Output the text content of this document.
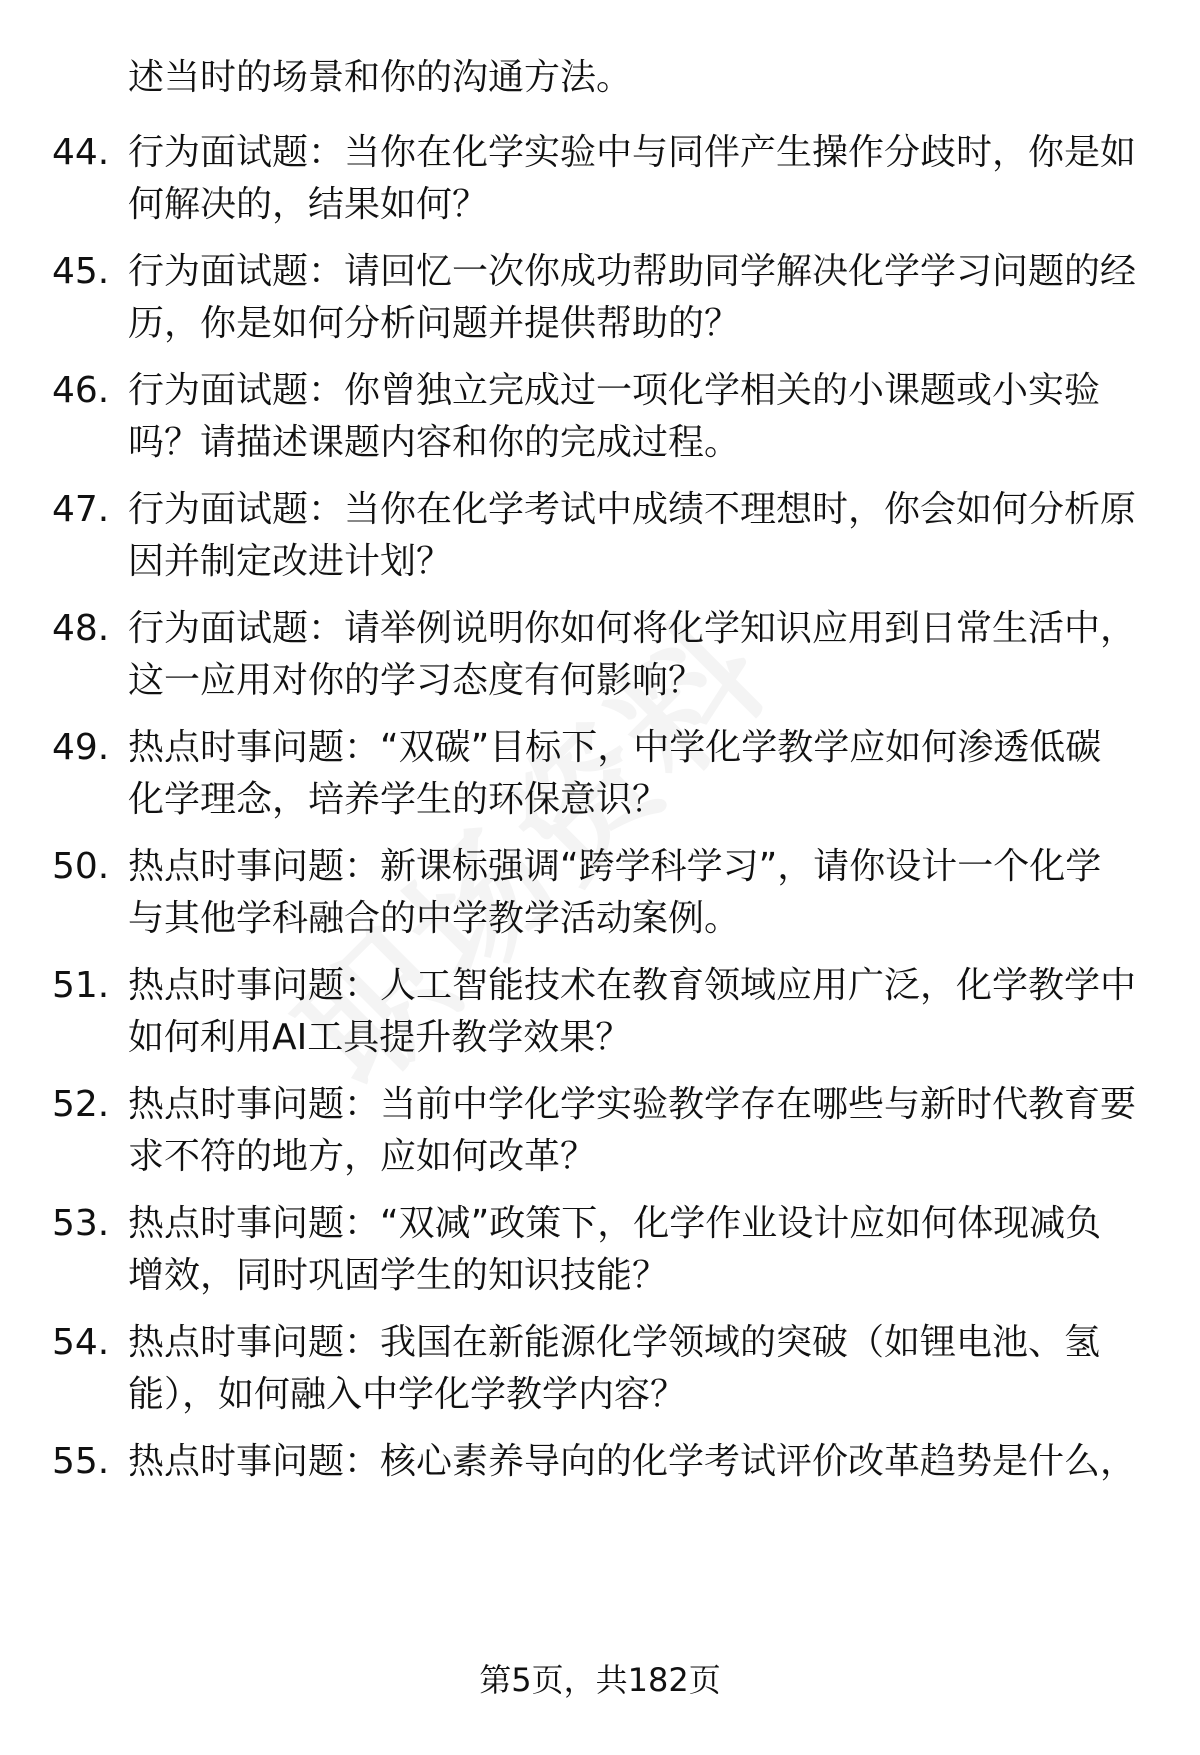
述当时的场景和你的沟通方法。
44. 行为面试题：当你在化学实验中与同伴产生操作分歧时，你是如
何解决的，结果如何？
45. 行为面试题：请回忆一次你成功帮助同学解决化学学习问题的经
历，你是如何分析问题并提供帮助的？
46. 行为面试题：你曾独立完成过一项化学相关的小课题或小实验
吗？请描述课题内容和你的完成过程。
47. 行为面试题：当你在化学考试中成绩不理想时，你会如何分析原
因并制定改进计划？
48. 行为面试题：请举例说明你如何将化学知识应用到日常生活中，
这一应用对你的学习态度有何影响？
49. 热点时事问题：“双碳”目标下，中学化学教学应如何渗透低碳
化学理念，培养学生的环保意识？
50. 热点时事问题：新课标强调“跨学科学习”，请你设计一个化学
与其他学科融合的中学教学活动案例。
51. 热点时事问题：人工智能技术在教育领域应用广泛，化学教学中
如何利用AI工具提升教学效果？
52. 热点时事问题：当前中学化学实验教学存在哪些与新时代教育要
求不符的地方，应如何改革？
53. 热点时事问题：“双减”政策下，化学作业设计应如何体现减负
增效，同时巩固学生的知识技能？
54. 热点时事问题：我国在新能源化学领域的突破（如锂电池、氢
能），如何融入中学化学教学内容？
55. 热点时事问题：核心素养导向的化学考试评价改革趋势是什么，
第5页，共182页
